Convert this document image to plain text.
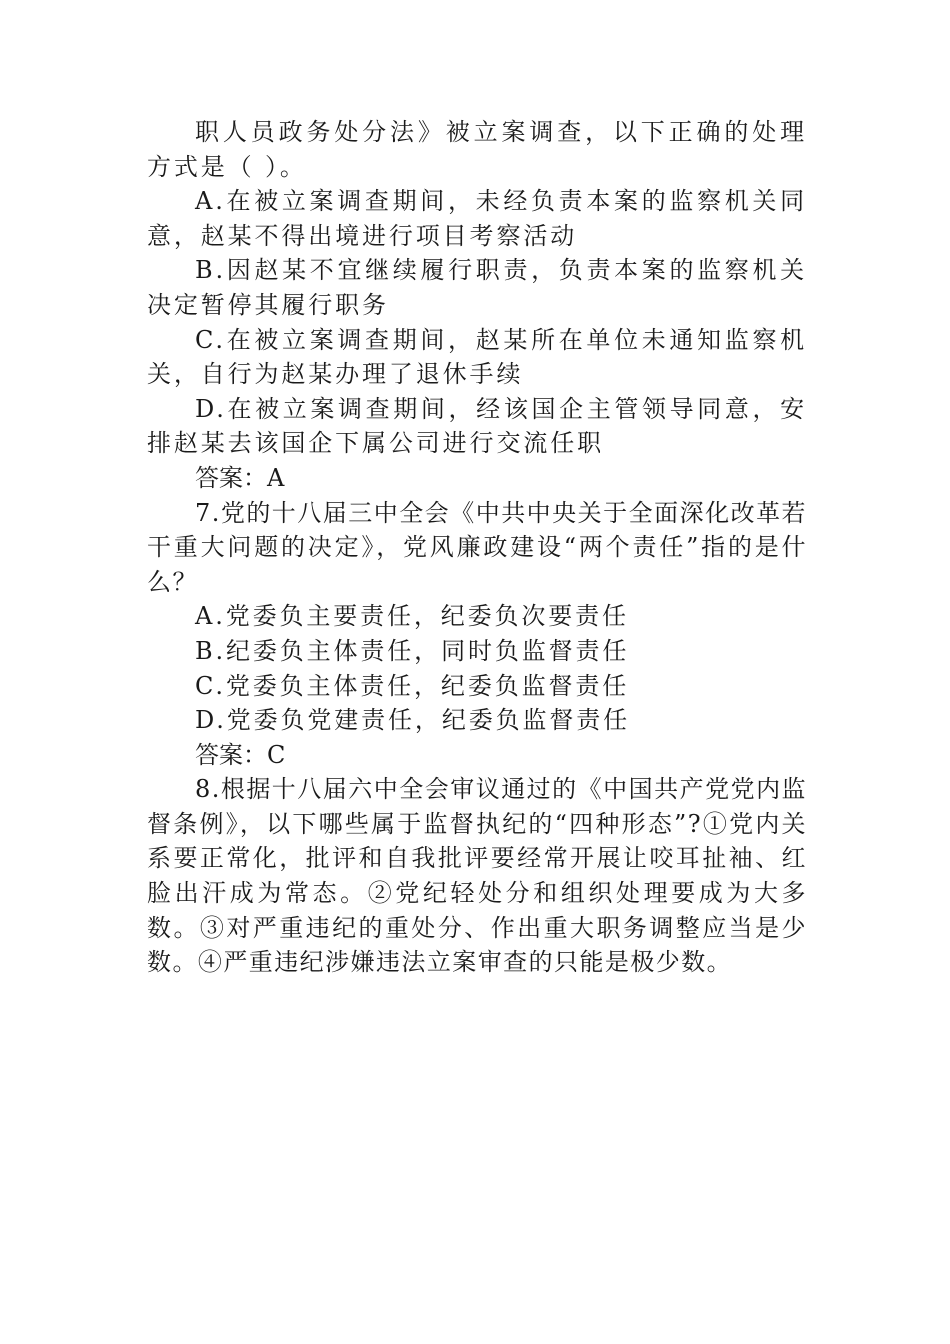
职人员政务处分法》被立案调查，以下正确的处理方式是（ ）。

A.在被立案调查期间，未经负责本案的监察机关同意，赵某不得出境进行项目考察活动

B.因赵某不宜继续履行职责，负责本案的监察机关决定暂停其履行职务

C.在被立案调查期间，赵某所在单位未通知监察机关，自行为赵某办理了退休手续

D.在被立案调查期间，经该国企主管领导同意，安排赵某去该国企下属公司进行交流任职

答案：A

7.党的十八届三中全会《中共中央关于全面深化改革若干重大问题的决定》，党风廉政建设“两个责任”指的是什么？

A.党委负主要责任，纪委负次要责任

B.纪委负主体责任，同时负监督责任

C.党委负主体责任，纪委负监督责任

D.党委负党建责任，纪委负监督责任

答案：C

8.根据十八届六中全会审议通过的《中国共产党党内监督条例》，以下哪些属于监督执纪的“四种形态”?①党内关系要正常化，批评和自我批评要经常开展让咬耳扯袖、红脸出汗成为常态。②党纪轻处分和组织处理要成为大多数。③对严重违纪的重处分、作出重大职务调整应当是少数。④严重违纪涉嫌违法立案审查的只能是极少数。
